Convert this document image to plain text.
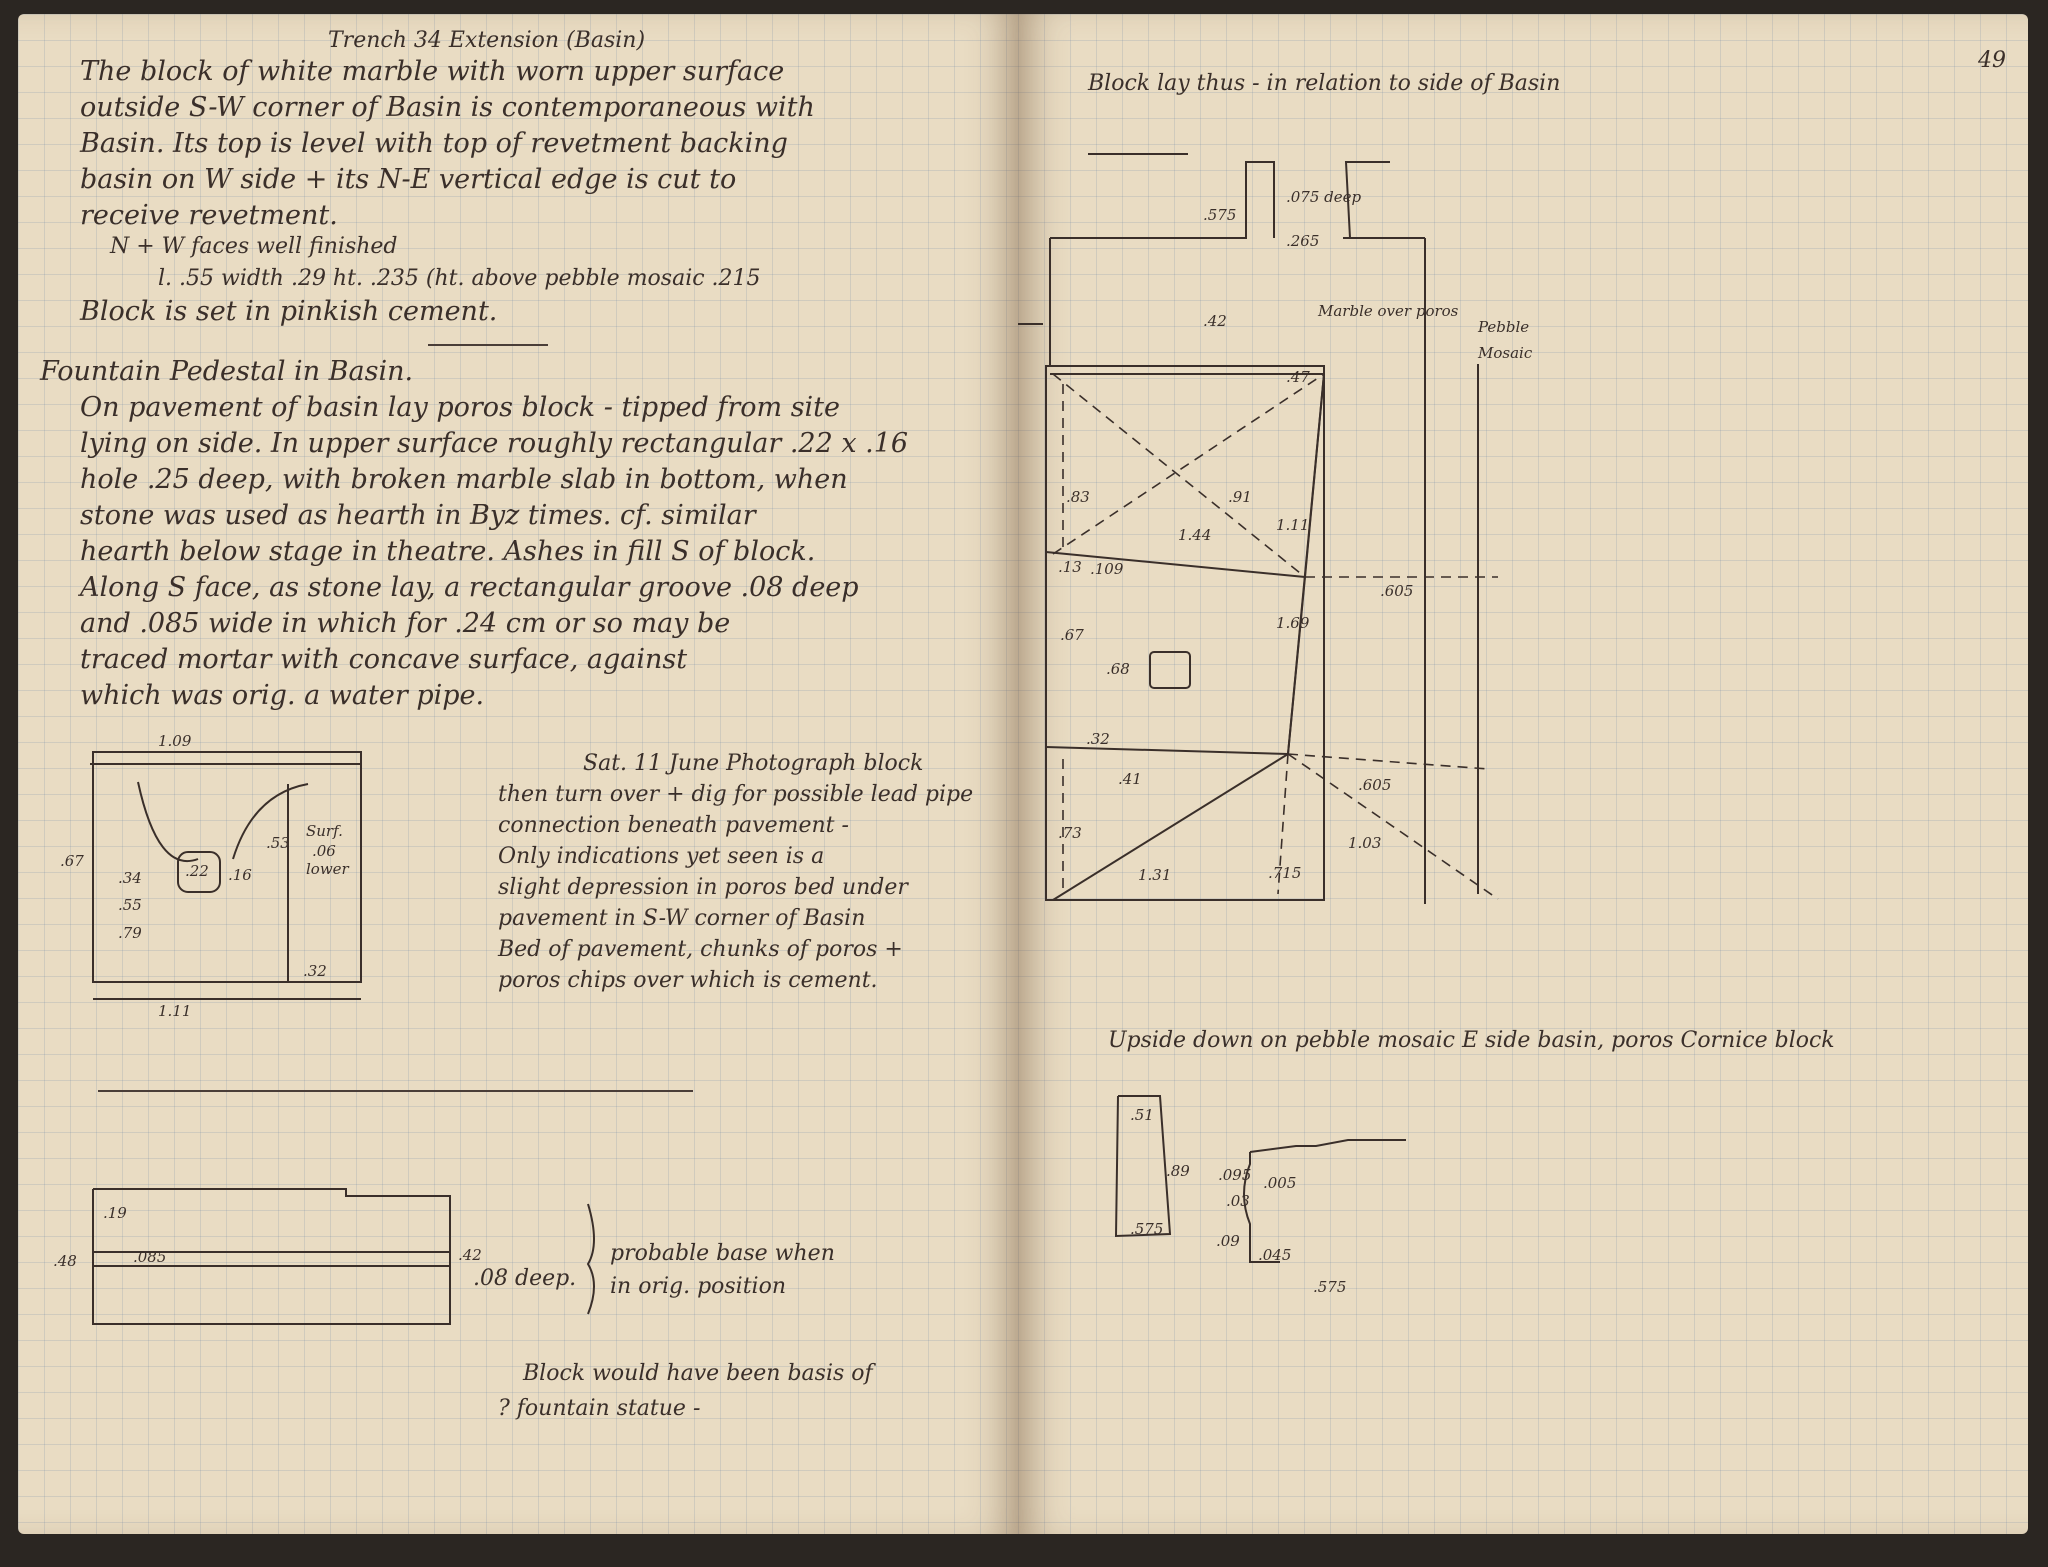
Trench 34 Extension (Basin)
The block of white marble with worn upper surface
outside S-W corner of Basin is contemporaneous with
Basin. Its top is level with top of revetment backing
basin on W side + its N-E vertical edge is cut to
receive revetment.
N + W faces well finished
l. .55 width .29 ht. .235 (ht. above pebble mosaic .215
Block is set in pinkish cement.
Fountain Pedestal in Basin.
On pavement of basin lay poros block - tipped from site
lying on side. In upper surface roughly rectangular .22 x .16
hole .25 deep, with broken marble slab in bottom, when
stone was used as hearth in Byz times. cf. similar
hearth below stage in theatre. Ashes in fill S of block.
Along S face, as stone lay, a rectangular groove .08 deep
and .085 wide in which for .24 cm or so may be
traced mortar with concave surface, against
which was orig. a water pipe.
1.09
1.11
.67
.22 .16
.34
.55
.79
.53
.32
Surf.
.06
lower
Sat. 11 June Photograph block
then turn over + dig for possible lead pipe
connection beneath pavement -
Only indications yet seen is a
slight depression in poros bed under
pavement in S-W corner of Basin
Bed of pavement, chunks of poros +
poros chips over which is cement.
.19
.48	.085	.42
.08 deep.
probable base when
in orig. position
Block would have been basis of
? fountain statue -
49
Block lay thus - in relation to side of Basin
.575
.075 deep
.265
.42
.47
Marble over poros
Pebble
Mosaic
.91
1.44
1.11
.83
.13 .109
.605
.67
1.69
.68
.32
.41	.605
.73
1.31	.715
1.03
Upside down on pebble mosaic E side basin, poros Cornice block
.51
.89
.575
.095 .005
.03
.09
.045
.575
